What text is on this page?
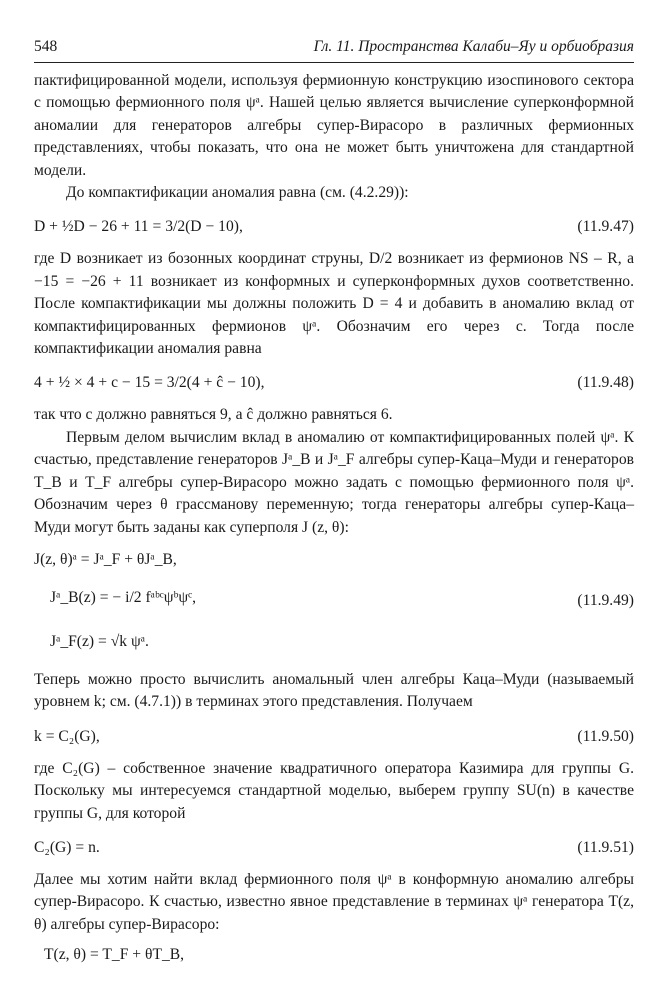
548	Гл. 11. Пространства Калаби–Яу и орбиобразия

пактифицированной модели, используя фермионную конструкцию изоспинового сектора с помощью фермионного поля ψᵃ. Нашей целью является вычисление суперконформной аномалии для генераторов алгебры супер-Вирасоро в различных фермионных представлениях, чтобы показать, что она не может быть уничтожена для стандартной модели.

До компактификации аномалия равна (см. (4.2.29)):

D + ½D − 26 + 11 = 3/2(D − 10),	(11.9.47)

где D возникает из бозонных координат струны, D/2 возникает из фермионов NS – R, а −15 = −26 + 11 возникает из конформных и суперконформных духов соответственно. После компактификации мы должны положить D = 4 и добавить в аномалию вклад от компактифицированных фермионов ψᵃ. Обозначим его через c. Тогда после компактификации аномалия равна

4 + ½ × 4 + c − 15 = 3/2(4 + ĉ − 10),	(11.9.48)

так что c должно равняться 9, а ĉ должно равняться 6.

Первым делом вычислим вклад в аномалию от компактифицированных полей ψᵃ. К счастью, представление генераторов Jᵃ_B и Jᵃ_F алгебры супер-Каца–Муди и генераторов T_B и T_F алгебры супер-Вирасоро можно задать с помощью фермионного поля ψᵃ. Обозначим через θ грассманову переменную; тогда генераторы алгебры супер-Каца–Муди могут быть заданы как суперполя J (z, θ):

J(z, θ)ᵃ = Jᵃ_F + θJᵃ_B,
Jᵃ_B(z) = − i/2 fᵃᵇᶜψᵇψᶜ,
Jᵃ_F(z) = √k ψᵃ.
(11.9.49)

Теперь можно просто вычислить аномальный член алгебры Каца–Муди (называемый уровнем k; см. (4.7.1)) в терминах этого представления. Получаем

k = C₂(G),	(11.9.50)

где C₂(G) – собственное значение квадратичного оператора Казимира для группы G. Поскольку мы интересуемся стандартной моделью, выберем группу SU(n) в качестве группы G, для которой

C₂(G) = n.	(11.9.51)

Далее мы хотим найти вклад фермионного поля ψᵃ в конформную аномалию алгебры супер-Вирасоро. К счастью, известно явное представление в терминах ψᵃ генератора T(z, θ) алгебры супер-Вирасоро:

T(z, θ) = T_F + θT_B,
